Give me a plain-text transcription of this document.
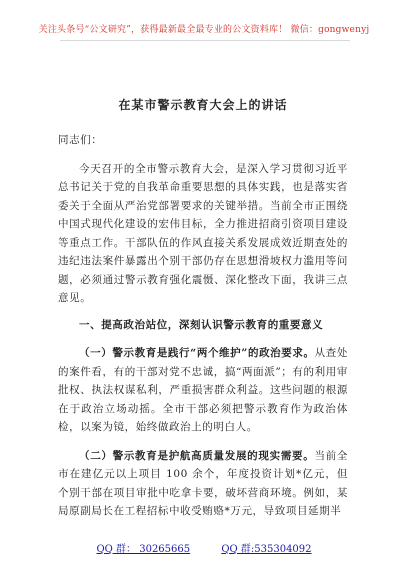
关注头条号“公文研究”，获得最新最全最专业的公文资料库！ 微信：gongwenyj
在某市警示教育大会上的讲话

同志们：

今天召开的全市警示教育大会，是深入学习贯彻习近平总书记关于党的自我革命重要思想的具体实践，也是落实省委关于全面从严治党部署要求的关键举措。当前全市正围绕中国式现代化建设的宏伟目标，全力推进招商引资项目建设等重点工作。干部队伍的作风直接关系发展成效近期查处的违纪违法案件暴露出个别干部仍存在思想滑坡权力滥用等问题，必须通过警示教育强化震慑、深化整改下面，我讲三点意见。

一、提高政治站位，深刻认识警示教育的重要意义

（一）警示教育是践行“两个维护”的政治要求。从查处的案件看，有的干部对党不忠诚，搞“两面派”；有的利用审批权、执法权谋私利，严重损害群众利益。这些问题的根源在于政治立场动摇。全市干部必须把警示教育作为政治体检，以案为镜，始终做政治上的明白人。

（二）警示教育是护航高质量发展的现实需要。当前全市在建亿元以上项目 100 余个，年度投资计划*亿元，但个别干部在项目审批中吃拿卡要，破坏营商环境。例如，某局原副局长在工程招标中收受贿赂*万元，导致项目延期半

QQ 群： 30265665	QQ 群:535304092
